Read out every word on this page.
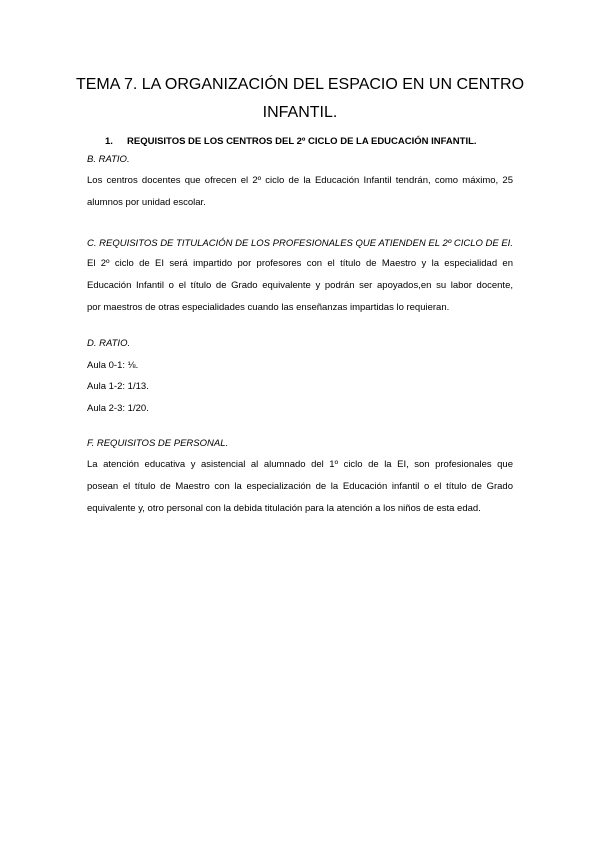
TEMA 7. LA ORGANIZACIÓN DEL ESPACIO EN UN CENTRO
INFANTIL.
1. REQUISITOS DE LOS CENTROS DEL 2º CICLO DE LA EDUCACIÓN INFANTIL.
B. RATIO.
Los centros docentes que ofrecen el 2º ciclo de la Educación Infantil tendrán, como máximo, 25
alumnos por unidad escolar.
C. REQUISITOS DE TITULACIÓN DE LOS PROFESIONALES QUE ATIENDEN EL 2º CICLO DE EI.
El 2º ciclo de EI será impartido por profesores con el título de Maestro y la especialidad en
Educación Infantil o el título de Grado equivalente y podrán ser apoyados,en su labor docente,
por maestros de otras especialidades cuando las enseñanzas impartidas lo requieran.
D. RATIO.
Aula 0-1: ⅛.
Aula 1-2: 1/13.
Aula 2-3: 1/20.
F. REQUISITOS DE PERSONAL.
La atención educativa y asistencial al alumnado del 1º ciclo de la EI, son profesionales que
posean el título de Maestro con la especialización de la Educación infantil o el título de Grado
equivalente y, otro personal con la debida titulación para la atención a los niños de esta edad.
